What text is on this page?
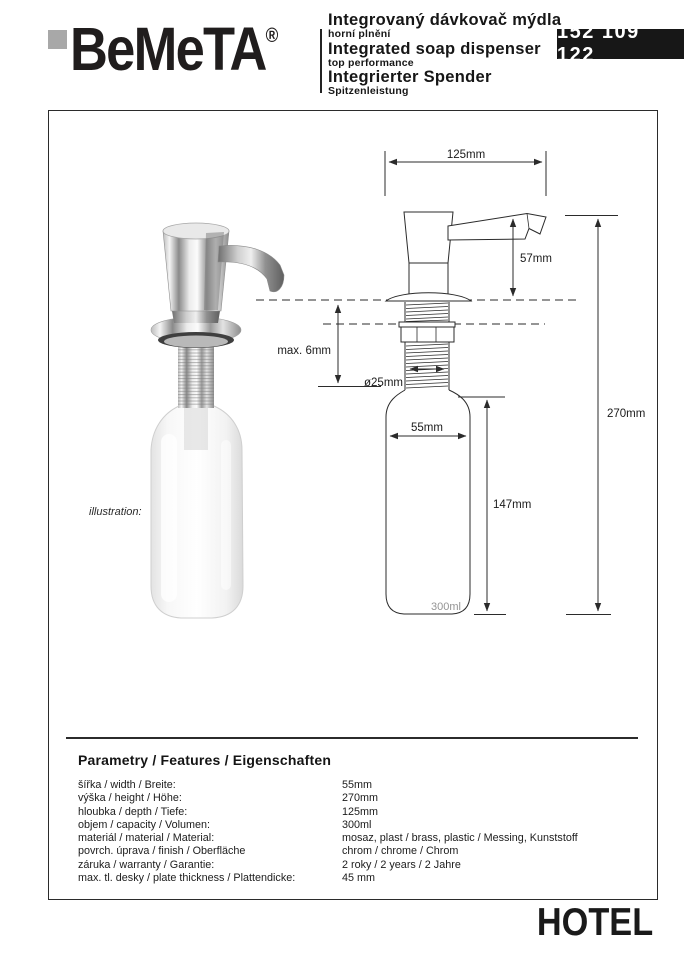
BeMeTA®
Integrovaný dávkovač mýdla
horní plnění
Integrated soap dispenser
top performance
Integrierter Spender
Spitzenleistung
152 109 122
illustration:
125mm
57mm
max. 6mm
ø25mm
55mm
147mm
270mm
300ml
Parametry / Features / Eigenschaften
šířka / width / Breite:	55mm
výška / height / Höhe:	270mm
hloubka / depth / Tiefe:	125mm
objem / capacity / Volumen:	300ml
materiál / material / Material:	mosaz, plast / brass, plastic / Messing, Kunststoff
povrch. úprava / finish / Oberfläche	chrom / chrome / Chrom
záruka / warranty / Garantie:	2 roky / 2 years / 2 Jahre
max. tl. desky / plate thickness / Plattendicke:	45 mm
HOTEL
